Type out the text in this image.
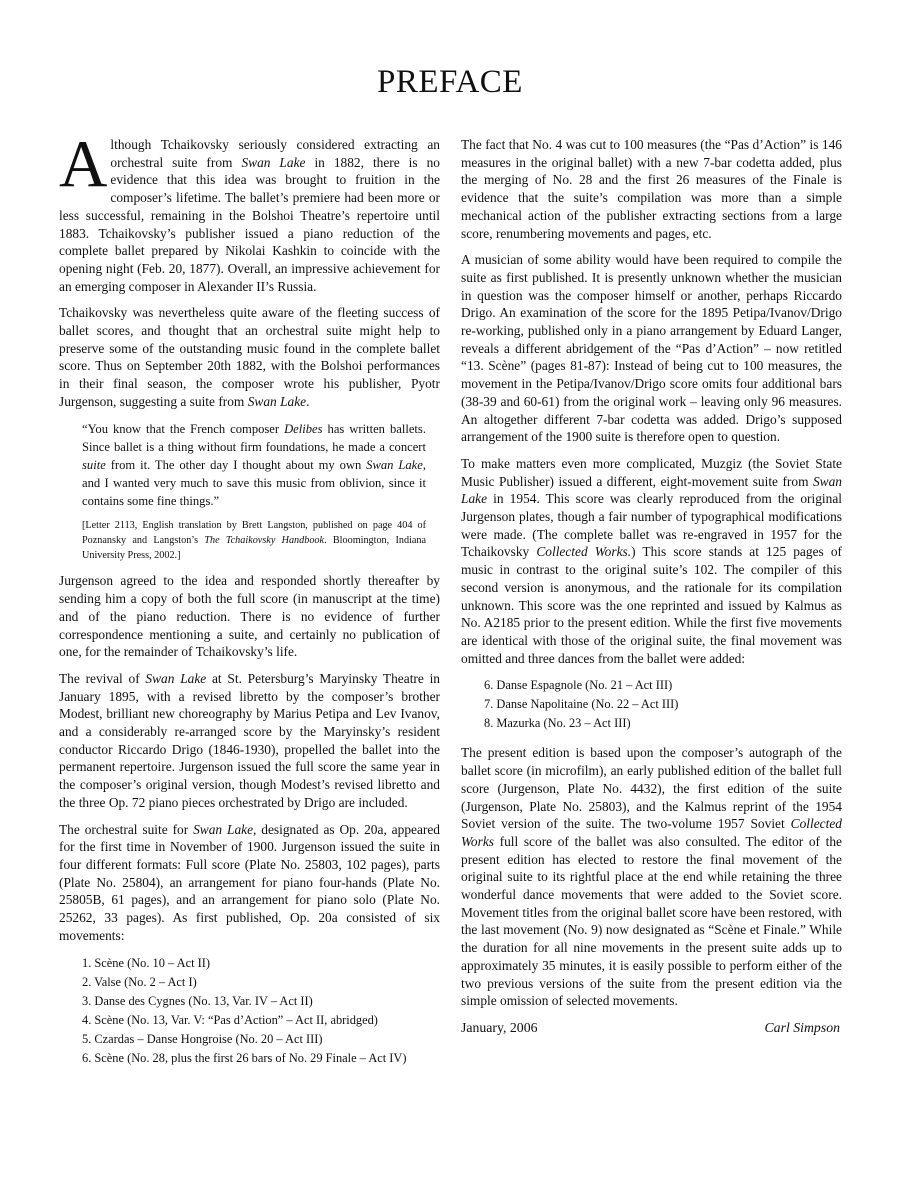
PREFACE

Although Tchaikovsky seriously considered extracting an orchestral suite from Swan Lake in 1882, there is no evidence that this idea was brought to fruition in the composer’s lifetime. The ballet’s premiere had been more or less successful, remaining in the Bolshoi Theatre’s repertoire until 1883. Tchaikovsky’s publisher issued a piano reduction of the complete ballet prepared by Nikolai Kashkin to coincide with the opening night (Feb. 20, 1877). Overall, an impressive achievement for an emerging composer in Alexander II’s Russia.

Tchaikovsky was nevertheless quite aware of the fleeting success of ballet scores, and thought that an orchestral suite might help to preserve some of the outstanding music found in the complete ballet score. Thus on September 20th 1882, with the Bolshoi performances in their final season, the composer wrote his publisher, Pyotr Jurgenson, suggesting a suite from Swan Lake.

“You know that the French composer Delibes has written ballets. Since ballet is a thing without firm foundations, he made a concert suite from it. The other day I thought about my own Swan Lake, and I wanted very much to save this music from oblivion, since it contains some fine things.”

[Letter 2113, English translation by Brett Langston, published on page 404 of Poznansky and Langston’s The Tchaikovsky Handbook. Bloomington, Indiana University Press, 2002.]

Jurgenson agreed to the idea and responded shortly thereafter by sending him a copy of both the full score (in manuscript at the time) and of the piano reduction. There is no evidence of further correspondence mentioning a suite, and certainly no publication of one, for the remainder of Tchaikovsky’s life.

The revival of Swan Lake at St. Petersburg’s Maryinsky Theatre in January 1895, with a revised libretto by the composer’s brother Modest, brilliant new choreography by Marius Petipa and Lev Ivanov, and a considerably re-arranged score by the Maryinsky’s resident conductor Riccardo Drigo (1846-1930), propelled the ballet into the permanent repertoire. Jurgenson issued the full score the same year in the composer’s original version, though Modest’s revised libretto and the three Op. 72 piano pieces orchestrated by Drigo are included.

The orchestral suite for Swan Lake, designated as Op. 20a, appeared for the first time in November of 1900. Jurgenson issued the suite in four different formats: Full score (Plate No. 25803, 102 pages), parts (Plate No. 25804), an arrangement for piano four-hands (Plate No. 25805B, 61 pages), and an arrangement for piano solo (Plate No. 25262, 33 pages). As first published, Op. 20a consisted of six movements:

1. Scène (No. 10 – Act II)
2. Valse (No. 2 – Act I)
3. Danse des Cygnes (No. 13, Var. IV – Act II)
4. Scène (No. 13, Var. V: “Pas d’Action” – Act II, abridged)
5. Czardas – Danse Hongroise (No. 20 – Act III)
6. Scène (No. 28, plus the first 26 bars of No. 29 Finale – Act IV)

The fact that No. 4 was cut to 100 measures (the “Pas d’Action” is 146 measures in the original ballet) with a new 7-bar codetta added, plus the merging of No. 28 and the first 26 measures of the Finale is evidence that the suite’s compilation was more than a simple mechanical action of the publisher extracting sections from a large score, renumbering movements and pages, etc.

A musician of some ability would have been required to compile the suite as first published. It is presently unknown whether the musician in question was the composer himself or another, perhaps Riccardo Drigo. An examination of the score for the 1895 Petipa/Ivanov/Drigo re-working, published only in a piano arrangement by Eduard Langer, reveals a different abridgement of the “Pas d’Action” – now retitled “13. Scène” (pages 81-87): Instead of being cut to 100 measures, the movement in the Petipa/Ivanov/Drigo score omits four additional bars (38-39 and 60-61) from the original work – leaving only 96 measures. An altogether different 7-bar codetta was added. Drigo’s supposed arrangement of the 1900 suite is therefore open to question.

To make matters even more complicated, Muzgiz (the Soviet State Music Publisher) issued a different, eight-movement suite from Swan Lake in 1954. This score was clearly reproduced from the original Jurgenson plates, though a fair number of typographical modifications were made. (The complete ballet was re-engraved in 1957 for the Tchaikovsky Collected Works.) This score stands at 125 pages of music in contrast to the original suite’s 102. The compiler of this second version is anonymous, and the rationale for its compilation unknown. This score was the one reprinted and issued by Kalmus as No. A2185 prior to the present edition. While the first five movements are identical with those of the original suite, the final movement was omitted and three dances from the ballet were added:

6. Danse Espagnole (No. 21 – Act III)
7. Danse Napolitaine (No. 22 – Act III)
8. Mazurka (No. 23 – Act III)

The present edition is based upon the composer’s autograph of the ballet score (in microfilm), an early published edition of the ballet full score (Jurgenson, Plate No. 4432), the first edition of the suite (Jurgenson, Plate No. 25803), and the Kalmus reprint of the 1954 Soviet version of the suite. The two-volume 1957 Soviet Collected Works full score of the ballet was also consulted. The editor of the present edition has elected to restore the final movement of the original suite to its rightful place at the end while retaining the three wonderful dance movements that were added to the Soviet score. Movement titles from the original ballet score have been restored, with the last movement (No. 9) now designated as “Scène et Finale.” While the duration for all nine movements in the present suite adds up to approximately 35 minutes, it is easily possible to perform either of the two previous versions of the suite from the present edition via the simple omission of selected movements.

January, 2006	Carl Simpson
